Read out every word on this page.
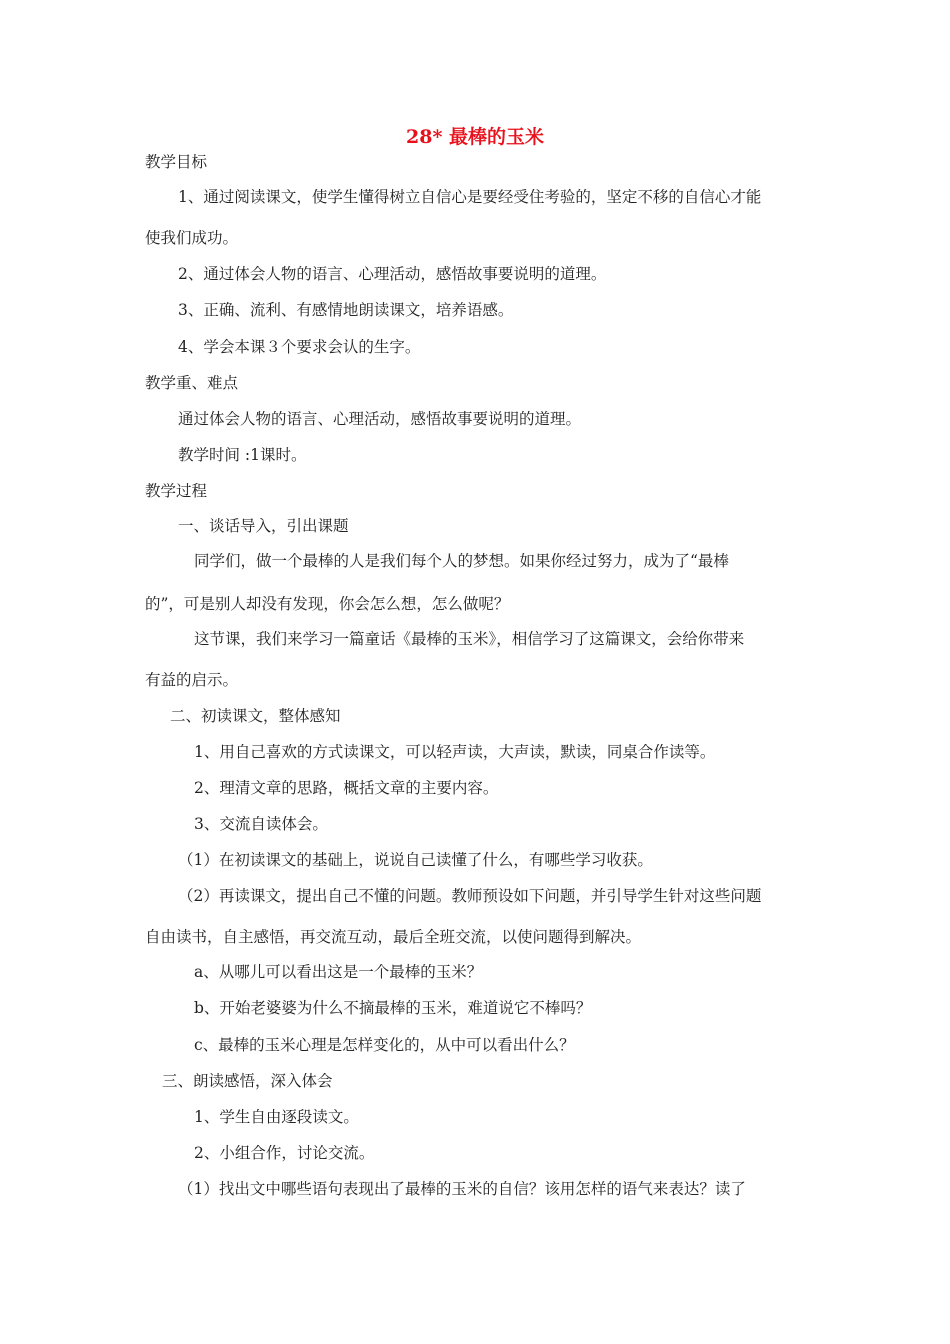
28* 最棒的玉米
教学目标
1、通过阅读课文，使学生懂得树立自信心是要经受住考验的，坚定不移的自信心才能
使我们成功。
2、通过体会人物的语言、心理活动，感悟故事要说明的道理。
3、正确、流利、有感情地朗读课文，培养语感。
4、学会本课３个要求会认的生字。
教学重、难点
通过体会人物的语言、心理活动，感悟故事要说明的道理。
教学时间 :1课时。
教学过程
一、谈话导入，引出课题
同学们，做一个最棒的人是我们每个人的梦想。如果你经过努力，成为了“最棒
的”，可是别人却没有发现，你会怎么想，怎么做呢？
这节课，我们来学习一篇童话《最棒的玉米》，相信学习了这篇课文，会给你带来
有益的启示。
二、初读课文，整体感知
1、用自己喜欢的方式读课文，可以轻声读，大声读，默读，同桌合作读等。
2、理清文章的思路，概括文章的主要内容。
3、交流自读体会。
（1）在初读课文的基础上，说说自己读懂了什么，有哪些学习收获。
（2）再读课文，提出自己不懂的问题。教师预设如下问题，并引导学生针对这些问题
自由读书，自主感悟，再交流互动，最后全班交流，以使问题得到解决。
a、从哪儿可以看出这是一个最棒的玉米？
b、开始老婆婆为什么不摘最棒的玉米，难道说它不棒吗？
c、最棒的玉米心理是怎样变化的，从中可以看出什么？
三、朗读感悟，深入体会
1、学生自由逐段读文。
2、小组合作，讨论交流。
（1）找出文中哪些语句表现出了最棒的玉米的自信？该用怎样的语气来表达？读了
